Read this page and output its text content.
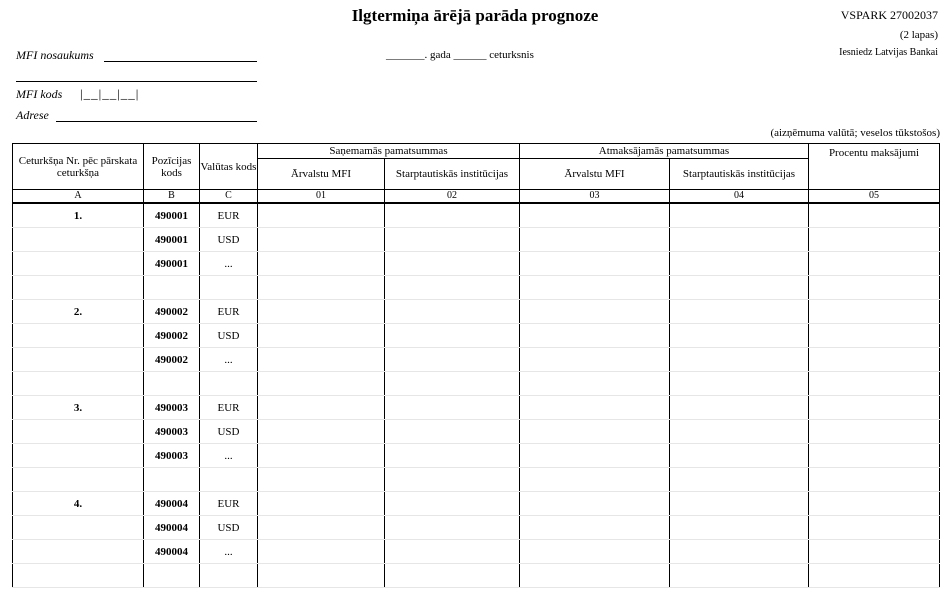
Ilgtermiņa ārējā parāda prognoze	VSPARK 27002037
(2 lapas)
Iesniedz Latvijas Bankai
MFI nosaukums	_______. gada ______ ceturksnis
MFI kods |__|__|__|
Adrese
(aizņēmuma valūtā; veselos tūkstošos)
Ceturkšņa Nr. pēc pārskata ceturkšņa	Pozīcijas kods	Valūtas kods	Saņemamās pamatsummas		Atmaksājamās pamatsummas		Procentu maksājumi
			Ārvalstu MFI	Starptautiskās institūcijas	Ārvalstu MFI	Starptautiskās institūcijas	
A	B	C	01	02	03	04	05
1.	490001	EUR					
	490001	USD					
	490001	...					

2.	490002	EUR					
	490002	USD					
	490002	...					

3.	490003	EUR					
	490003	USD					
	490003	...					

4.	490004	EUR					
	490004	USD					
	490004	...					
